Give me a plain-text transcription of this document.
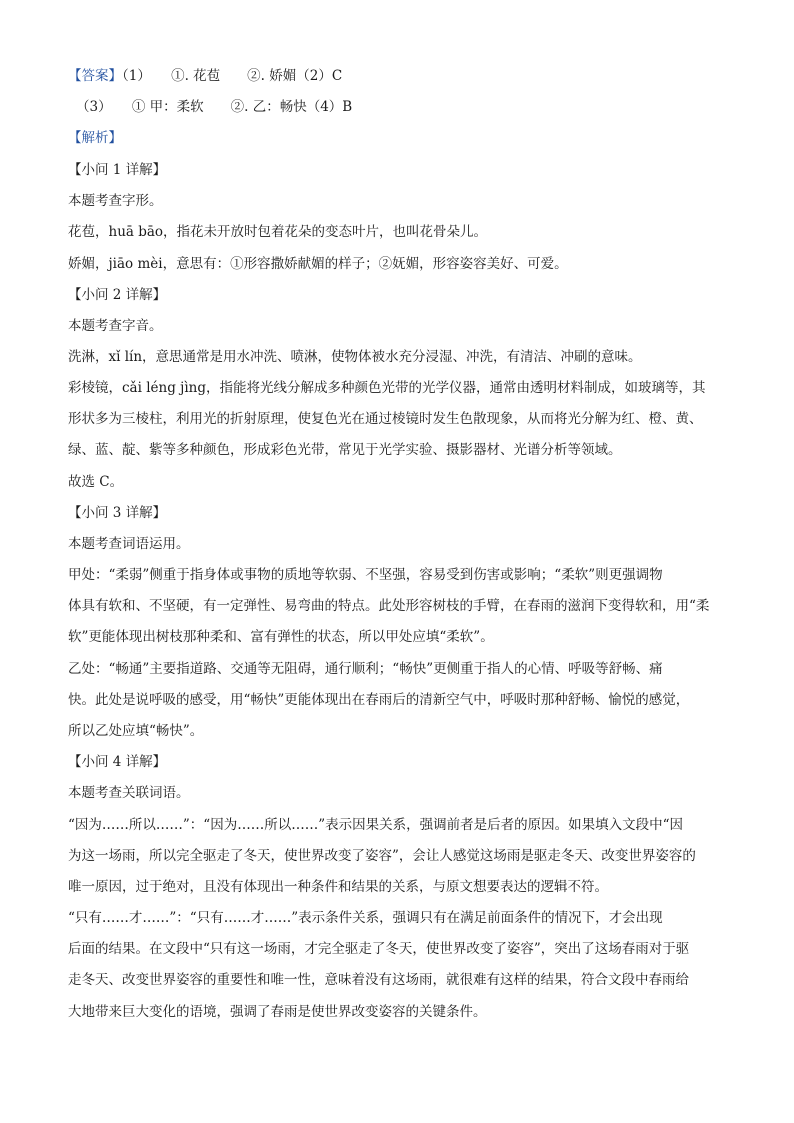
【答案】（1）　　①. 花苞　　②. 娇媚（2）C
（3）　　① 甲：柔软　　②. 乙：畅快（4）B
【解析】
【小问 1 详解】
本题考查字形。
花苞，huā bāo，指花未开放时包着花朵的变态叶片，也叫花骨朵儿。
娇媚，jiāo mèi，意思有：①形容撒娇献媚的样子；②妩媚，形容姿容美好、可爱。
【小问 2 详解】
本题考查字音。
洗淋，xǐ lín，意思通常是用水冲洗、喷淋，使物体被水充分浸湿、冲洗，有清洁、冲刷的意味。
彩棱镜，cǎi léng jìng，指能将光线分解成多种颜色光带的光学仪器，通常由透明材料制成，如玻璃等，其
形状多为三棱柱，利用光的折射原理，使复色光在通过棱镜时发生色散现象，从而将光分解为红、橙、黄、
绿、蓝、靛、紫等多种颜色，形成彩色光带，常见于光学实验、摄影器材、光谱分析等领域。
故选 C。
【小问 3 详解】
本题考查词语运用。
甲处：“柔弱”侧重于指身体或事物的质地等软弱、不坚强，容易受到伤害或影响；“柔软”则更强调物
体具有软和、不坚硬，有一定弹性、易弯曲的特点。此处形容树枝的手臂，在春雨的滋润下变得软和，用“柔
软”更能体现出树枝那种柔和、富有弹性的状态，所以甲处应填“柔软”。
乙处：“畅通”主要指道路、交通等无阻碍，通行顺利；“畅快”更侧重于指人的心情、呼吸等舒畅、痛
快。此处是说呼吸的感受，用“畅快”更能体现出在春雨后的清新空气中，呼吸时那种舒畅、愉悦的感觉，
所以乙处应填“畅快”。
【小问 4 详解】
本题考查关联词语。
“因为……所以……”：“因为……所以……”表示因果关系，强调前者是后者的原因。如果填入文段中“因
为这一场雨，所以完全驱走了冬天，使世界改变了姿容”，会让人感觉这场雨是驱走冬天、改变世界姿容的
唯一原因，过于绝对，且没有体现出一种条件和结果的关系，与原文想要表达的逻辑不符。
“只有……才……”：“只有……才……”表示条件关系，强调只有在满足前面条件的情况下，才会出现
后面的结果。在文段中“只有这一场雨，才完全驱走了冬天，使世界改变了姿容”，突出了这场春雨对于驱
走冬天、改变世界姿容的重要性和唯一性，意味着没有这场雨，就很难有这样的结果，符合文段中春雨给
大地带来巨大变化的语境，强调了春雨是使世界改变姿容的关键条件。
